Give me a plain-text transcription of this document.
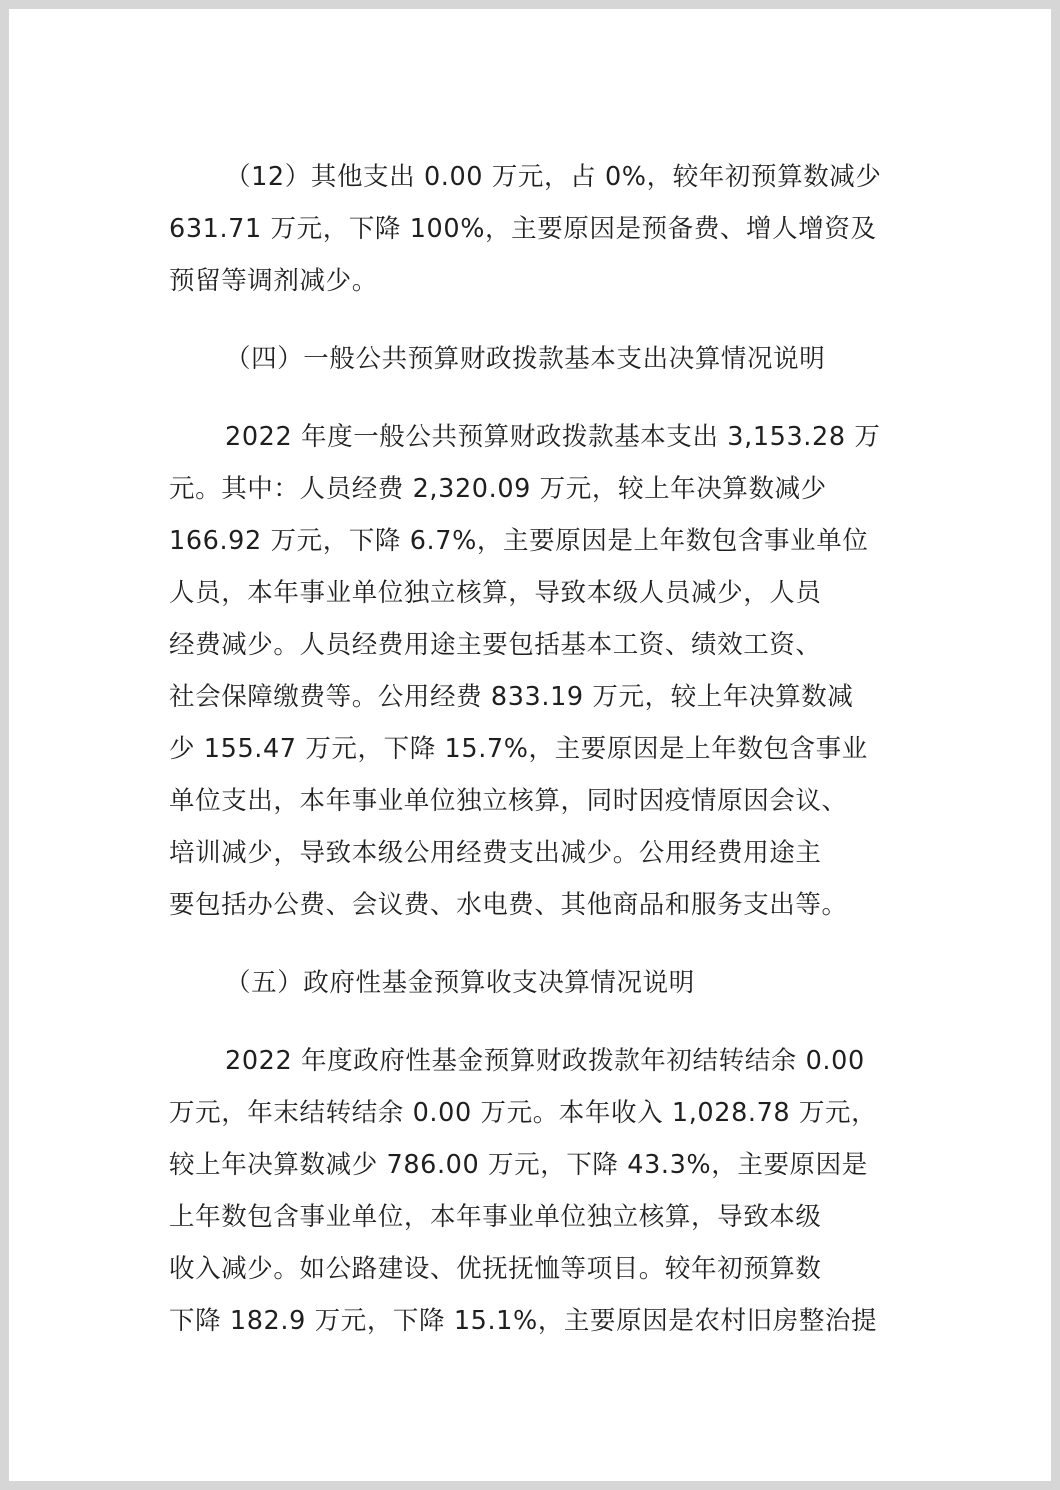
（12）其他支出 0.00 万元，占 0%，较年初预算数减少

631.71 万元，下降 100%，主要原因是预备费、增人增资及

预留等调剂减少。

（四）一般公共预算财政拨款基本支出决算情况说明

2022 年度一般公共预算财政拨款基本支出 3,153.28 万

元。其中：人员经费 2,320.09 万元，较上年决算数减少

166.92 万元，下降 6.7%，主要原因是上年数包含事业单位

人员，本年事业单位独立核算，导致本级人员减少，人员

经费减少。人员经费用途主要包括基本工资、绩效工资、

社会保障缴费等。公用经费 833.19 万元，较上年决算数减

少 155.47 万元，下降 15.7%，主要原因是上年数包含事业

单位支出，本年事业单位独立核算，同时因疫情原因会议、

培训减少，导致本级公用经费支出减少。公用经费用途主

要包括办公费、会议费、水电费、其他商品和服务支出等。

（五）政府性基金预算收支决算情况说明

2022 年度政府性基金预算财政拨款年初结转结余 0.00

万元，年末结转结余 0.00 万元。本年收入 1,028.78 万元，

较上年决算数减少 786.00 万元，下降 43.3%，主要原因是

上年数包含事业单位，本年事业单位独立核算，导致本级

收入减少。如公路建设、优抚抚恤等项目。较年初预算数

下降 182.9 万元，下降 15.1%，主要原因是农村旧房整治提
